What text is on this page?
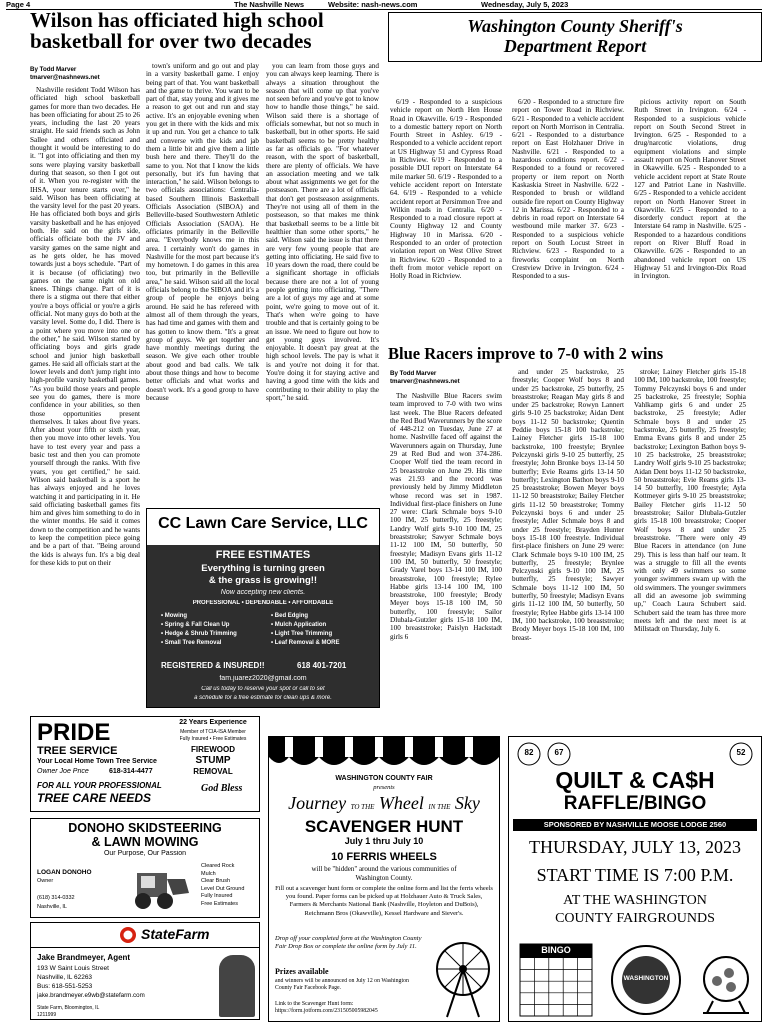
Page 4	The Nashville News	Website: nash-news.com	Wednesday, July 5, 2023
Wilson has officiated high school basketball for over two decades
By Todd Marver
tmarver@nashnews.net
Nashville resident Todd Wilson has officiated high school basketball games for more than two decades. He has been officiating for about 25 to 26 years, including the last 20 years straight. He said friends such as John Sallee and others officiated and thought it would be interesting to do it. "I got into officiating and then my sons were playing varsity basketball during that season, so then I got out of it. When you re-register with the IHSA, your tenure starts over," he said. Wilson has been officiating at the varsity level for the past 20 years. He has officiated both boys and girls varsity basketball and he has enjoyed both. He said on the girls side, officials officiate both the JV and varsity games on the same night and as he gets older, he has moved towards just a boys schedule. "Part of it is because (of officiating) two games on the same night on old knees. Things change. Part of it is there is a stigma out there that either you're a boys official or you're a girls official. Not many guys do both at the varsity level. Some do, I did. There is a point where you move into one or the other," he said. Wilson started by officiating boys and girls grade school and junior high basketball games. He said all officials start at the lower levels and don't jump right into high-profile varsity basketball games. "As you build those years and people see you do games, there is more confidence in your abilities, so then those opportunities present themselves. It takes about five years. After about your fifth or sixth year, then you move into other levels. You have to test every year and pass a basic test and then you can promote yourself through the ranks. With five years, you get certified," he said. Wilson said basketball is a sport he has always enjoyed and he loves watching it and participating in it. He said officiating basketball games fits him and gives him something to do in the winter months. He said it comes down to the competition and he wants to keep the competition piece going and be a part of that. "Being around the kids is always fun. It's a big deal for these kids to put on their
town's uniform and go out and play in a varsity basketball game. I enjoy being part of that. You want basketball and the game to thrive. You want to be part of that, stay young and it gives me a reason to get out and run and stay active. It's an enjoyable evening when you get in there with the kids and mix it up and run. You get a chance to talk and converse with the kids and jab them a little bit and give them a little bush here and there. They'll do the same to you. Not that I know the kids personally, but it's fun having that interaction," he said. Wilson belongs to two officials associations: Centralia-based Southern Illinois Basketball Officials Association (SIBOA) and Belleville-based Southwestern Athletic Officials Association (SAOA). He officiates primarily in the Belleville area. "Everybody knows me in this area. I certainly won't do games in Nashville for the most part because it's my hometown. I do games in this area too, but primarily in the Belleville area," he said. Wilson said all the local officials belong to the SIBOA and it's a group of people he enjoys being around. He said he has refereed with almost all of them through the years, has had time and games with them and has gotten to know them. "It's a great group of guys. We get together and have monthly meetings during the season. We give each other trouble about good and bad calls. We talk about those things and how to become better officials and what works and doesn't work. It's a good group to have because
you can learn from those guys and you can always keep learning. There is always a situation throughout the season that will come up that you've not seen before and you've got to know how to handle those things," he said. Wilson said there is a shortage of officials somewhat, but not so much in basketball, but in other sports. He said basketball seems to be pretty healthy as far as officials go. "For whatever reason, with the sport of basketball, there are plenty of officials. We have an association meeting and we talk about what assignments we get for the postseason. There are a lot of officials that don't get postseason assignments. They're not using all of them in the postseason, so that makes me think that basketball seems to be a little bit healthier than some other sports," he said. Wilson said the issue is that there are very few young people that are getting into officiating. He said five to 10 years down the road, there could be a significant shortage in officials because there are not a lot of young people getting into officiating. "There are a lot of guys my age and at some point, we're going to move out of it. That's when we're going to have trouble and that is certainly going to be an issue. We need to figure out how to get young guys involved. It's enjoyable. It doesn't pay great at the high school levels. The pay is what it is and you're not doing it for that. You're doing it for staying active and having a good time with the kids and contributing to their ability to play the sport," he said.
CC Lawn Care Service, LLC
FREE ESTIMATES
Everything is turning green
& the grass is growing!!
Now accepting new clients.
PROFESSIONAL • DEPENDABLE • AFFORDABLE
• Mowing
• Spring & Fall Clean Up
• Hedge & Shrub Trimming
• Small Tree Removal
• Bed Edging
• Mulch Application
• Light Tree Trimming
• Leaf Removal & MORE
REGISTERED & INSURED!!	618 401-7201
fam.juarez2020@gmail.com
Call us today to reserve your spot or call to set
a schedule for a free estimate for clean ups & more.
Washington County Sheriff's
Department Report
6/19 - Responded to a suspicious vehicle report on North Hen House Road in Okawville. 6/19 - Responded to a domestic battery report on North Fourth Street in Ashley. 6/19 - Responded to a vehicle accident report at US Highway 51 and Cypress Road in Richview. 6/19 - Responded to a possible DUI report on Interstate 64 mile marker 50. 6/19 - Responded to a vehicle accident report on Interstate 64. 6/19 - Responded to a vehicle accident report at Persimmon Tree and Wilkin roads in Centralia. 6/20 - Responded to a road closure report at County Highway 12 and County Highway 10 in Marissa. 6/20 - Responded to an order of protection violation report on West Olive Street in Richview. 6/20 - Responded to a theft from motor vehicle report on Holly Road in Richview.
6/20 - Responded to a structure fire report on Tower Road in Richview. 6/21 - Responded to a vehicle accident report on North Morrison in Centralia. 6/21 - Responded to a disturbance report on East Holzhauer Drive in Nashville. 6/21 - Responded to a hazardous conditions report. 6/22 - Responded to a found or recovered property or item report on North Kaskaskia Street in Nashville. 6/22 - Responded to brush or wildland outside fire report on County Highway 12 in Marissa. 6/22 - Responded to a debris in road report on Interstate 64 westbound mile marker 37. 6/23 - Responded to a suspicious vehicle report on South Locust Street in Richview. 6/23 - Responded to a fireworks complaint on North Crestview Drive in Irvington. 6/24 - Responded to a sus-
picious activity report on South Ruth Street in Irvington. 6/24 - Responded to a suspicious vehicle report on South Second Street in Irvington. 6/25 - Responded to a drug/narcotic violations, drug equipment violations and simple assault report on North Hanover Street in Okawville. 6/25 - Responded to a vehicle accident report at State Route 127 and Patriot Lane in Nashville. 6/25 - Responded to a vehicle accident report on North Hanover Street in Okawville. 6/25 - Responded to a disorderly conduct report at the Interstate 64 ramp in Nashville. 6/25 - Responded to a hazardous conditions report on River Bluff Road in Okawville. 6/26 - Responded to an abandoned vehicle report on US Highway 51 and Irvington-Dix Road in Irvington.
Blue Racers improve to 7-0 with 2 wins
By Todd Marver
tmarver@nashnews.net
The Nashville Blue Racers swim team improved to 7-0 with two wins last week. The Blue Racers defeated the Red Bud Waverunners by the score of 448-212 on Tuesday, June 27 at home. Nashville faced off against the Waverunners again on Thursday, June 29 at Red Bud and won 374-286. Cooper Wolf tied the team record in 25 breaststroke on June 29. His time was 21.93 and the record was previously held by Jimmy Middleton whose record was set in 1987. Individual first-place finishers on June 27 were: Clark Schmale boys 9-10 100 IM, 25 butterfly, 25 freestyle; Landry Wolf girls 9-10 100 IM, 25 breaststroke; Sawyer Schmale boys 11-12 100 IM, 50 butterfly, 50 freestyle; Madisyn Evans girls 11-12 100 IM, 50 butterfly, 50 freestyle; Grady Varel boys 13-14 100 IM, 100 breaststroke, 100 freestyle; Rylee Habbe girls 13-14 100 IM, 100 breaststroke, 100 freestyle; Brody Meyer boys 15-18 100 IM, 50 butterfly, 100 freestyle; Sailor Dlubala-Gutzler girls 15-18 100 IM, 100 breaststroke; Paislyn Hackstadt girls 6
and under 25 backstroke, 25 freestyle; Cooper Wolf boys 8 and under 25 backstroke, 25 butterfly, 25 breaststroke; Reagan May girls 8 and under 25 backstroke; Rowyn Lannert girls 9-10 25 backstroke; Aidan Dent boys 11-12 50 backstroke; Quentin Peddie boys 15-18 100 backstroke; Lainey Fletcher girls 15-18 100 backstroke, 100 freestyle; Brynlee Pelczynski girls 9-10 25 butterfly, 25 freestyle; John Bronke boys 13-14 50 butterfly; Evie Reams girls 13-14 50 butterfly; Lexington Bathon boys 9-10 25 breaststroke; Bowen Meyer boys 11-12 50 breaststroke; Bailey Fletcher girls 11-12 50 breaststroke; Tommy Pelczynski boys 6 and under 25 freestyle; Adler Schmale boys 8 and under 25 freestyle; Brayden Hunter boys 15-18 100 freestyle. Individual first-place finishers on June 29 were: Clark Schmale boys 9-10 100 IM, 25 butterfly, 25 freestyle; Brynlee Pelczynski girls 9-10 100 IM, 25 butterfly, 25 freestyle; Sawyer Schmale boys 11-12 100 IM, 50 butterfly, 50 freestyle; Madisyn Evans girls 11-12 100 IM, 50 butterfly, 50 freestyle; Rylee Habbe girls 13-14 100 IM, 100 backstroke, 100 breaststroke; Brody Meyer boys 15-18 100 IM, 100 breast-
stroke; Lainey Fletcher girls 15-18 100 IM, 100 backstroke, 100 freestyle; Tommy Pelczynski boys 6 and under 25 backstroke, 25 freestyle; Sophia Vahlkamp girls 6 and under 25 backstroke, 25 freestyle; Adler Schmale boys 8 and under 25 backstroke, 25 butterfly, 25 freestyle; Emma Evans girls 8 and under 25 backstroke; Lexington Bathon boys 9-10 25 backstroke, 25 breaststroke; Landry Wolf girls 9-10 25 backstroke; Aidan Dent boys 11-12 50 backstroke, 50 breaststroke; Evie Reams girls 13-14 50 butterfly, 100 freestyle; Ayla Kottmeyer girls 9-10 25 breaststroke; Bailey Fletcher girls 11-12 50 breaststroke; Sailor Dlubala-Gutzler girls 15-18 100 breaststroke; Cooper Wolf boys 8 and under 25 breaststroke. "There were only 49 Blue Racers in attendance (on June 29). This is less than half our team. It was a struggle to fill all the events with only 49 swimmers so some younger swimmers swam up with the old swimmers. The younger swimmers all did an awesome job swimming up," Coach Laura Schubert said. Schubert said the team has three more meets left and the next meet is at Millstadt on Thursday, July 6.
PRIDE
TREE SERVICE
Your Local Home Town Tree Service
Owner Joe Price	618-314-4477
22 Years Experience
Member of TCIA-ISA Member
Fully Insured • Free Estimates
FIREWOOD
STUMP
REMOVAL
FOR ALL YOUR PROFESSIONAL
TREE CARE NEEDS
God Bless
DONOHO SKIDSTEERING
& LAWN MOWING
Our Purpose, Our Passion
LOGAN DONOHO
Owner
(618) 314-0332
Nashville, IL
Cleared Rock
Mulch
Clear Brush
Level Out Ground
Fully Insured
Free Estimates
StateFarm
Jake Brandmeyer, Agent
193 W Saint Louis Street
Nashville, IL 62263
Bus: 618-551-5253
jake.brandmeyer.e9wb@statefarm.com
State Farm, Bloomington, IL
1211999
WASHINGTON COUNTY FAIR
presents
Journey TO THE Wheel IN THE Sky
SCAVENGER HUNT
July 1 thru July 10
10 FERRIS WHEELS
will be "hidden" around the various communities of
Washington County.
Fill out a scavenger hunt form or complete the online form and list the ferris wheels you found. Paper forms can be picked up at Holzhauer Auto & Truck Sales, Farmers & Merchants National Bank (Nashville, Hoyleton and DuBois), Reichmann Bros (Okawville), Kessel Hardware and Siever's.
Drop off your completed form at the Washington County Fair Drop Box or complete the online form by July 11.
Prizes available
and winners will be announced on July 12 on Washington County Fair Facebook Page.
Link to the Scavenger Hunt form: https://form.jotform.com/231505005982045
82	67	52
QUILT & CA$H
RAFFLE/BINGO
SPONSORED BY NASHVILLE MOOSE LODGE 2560
THURSDAY, JULY 13, 2023
START TIME IS 7:00 P.M.
AT THE WASHINGTON
COUNTY FAIRGROUNDS
BINGO
WASHINGTON
